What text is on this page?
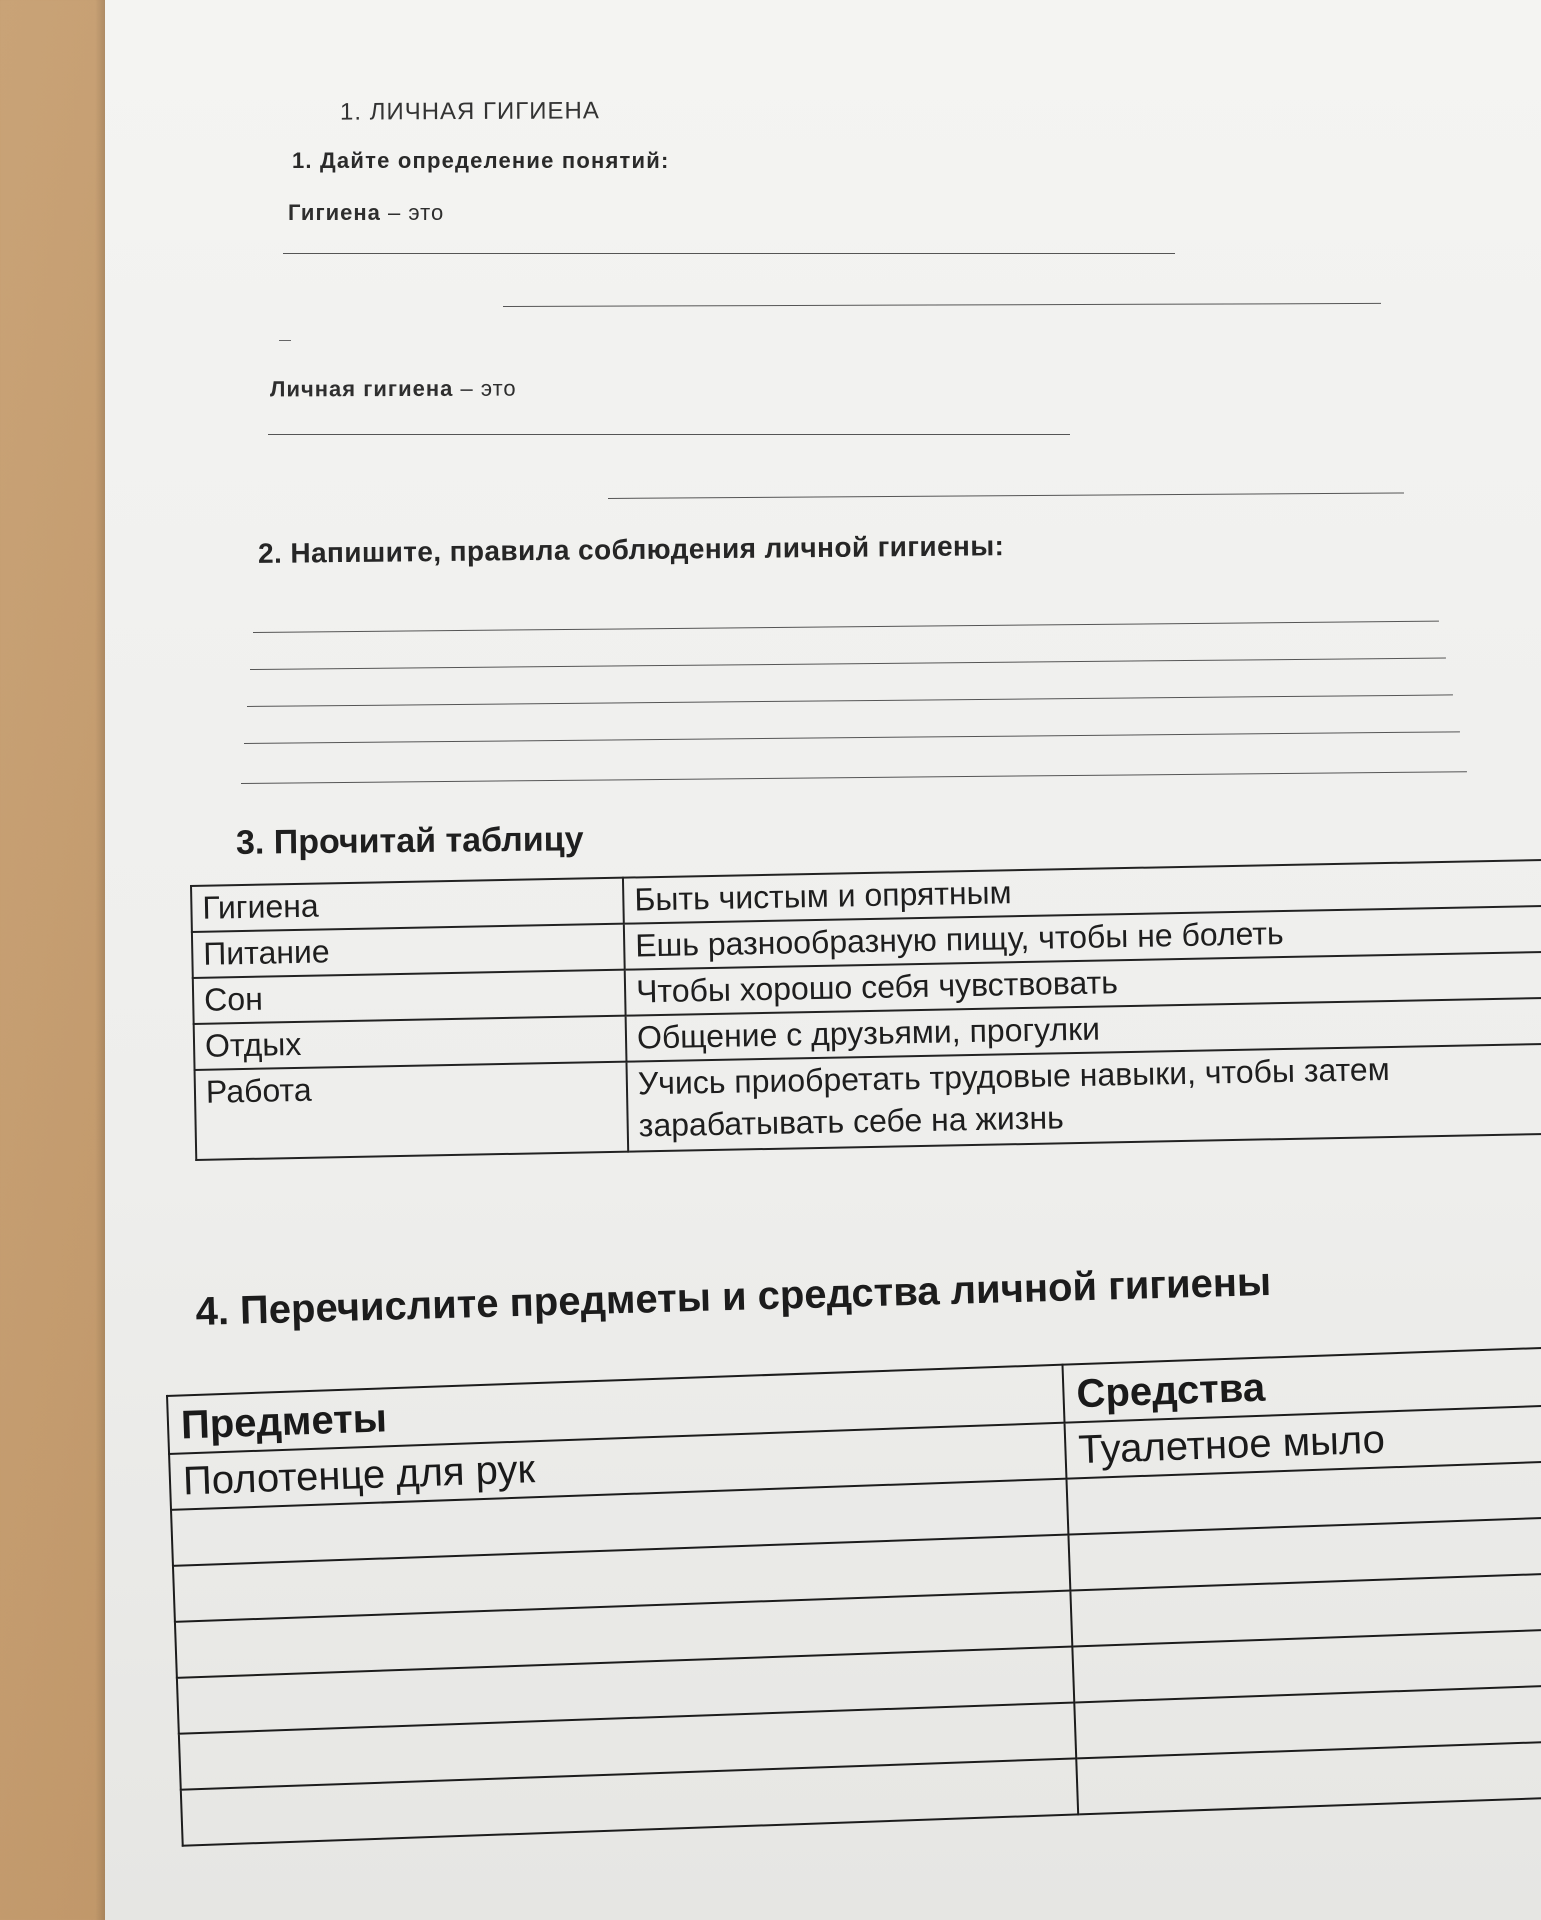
1. ЛИЧНАЯ ГИГИЕНА
1. Дайте определение понятий:
Гигиена – это
Личная гигиена – это
2. Напишите, правила соблюдения личной гигиены:
3. Прочитай таблицу
Гигиена	Быть чистым и опрятным
Питание	Ешь разнообразную пищу, чтобы не болеть
Сон	Чтобы хорошо себя чувствовать
Отдых	Общение с друзьями, прогулки
Работа	Учись приобретать трудовые навыки, чтобы затем зарабатывать себе на жизнь
4. Перечислите предметы и средства личной гигиены
Предметы	Средства
Полотенце для рук	Туалетное мыло
